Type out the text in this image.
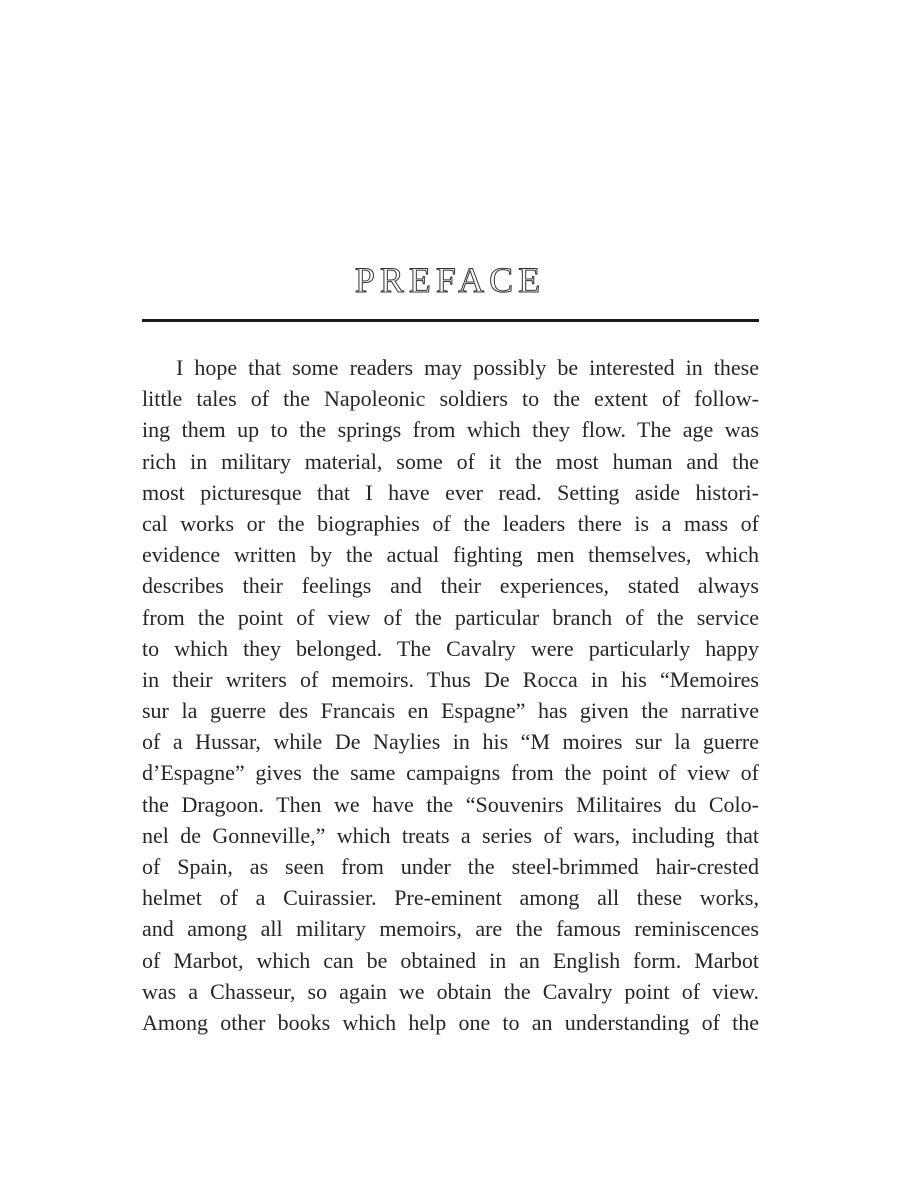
PREFACE
I hope that some readers may possibly be interested in these
little tales of the Napoleonic soldiers to the extent of follow-
ing them up to the springs from which they flow. The age was
rich in military material, some of it the most human and the
most picturesque that I have ever read. Setting aside histori-
cal works or the biographies of the leaders there is a mass of
evidence written by the actual fighting men themselves, which
describes their feelings and their experiences, stated always
from the point of view of the particular branch of the service
to which they belonged. The Cavalry were particularly happy
in their writers of memoirs. Thus De Rocca in his “Memoires
sur la guerre des Francais en Espagne” has given the narrative
of a Hussar, while De Naylies in his “M moires sur la guerre
d’Espagne” gives the same campaigns from the point of view of
the Dragoon. Then we have the “Souvenirs Militaires du Colo-
nel de Gonneville,” which treats a series of wars, including that
of Spain, as seen from under the steel-brimmed hair-crested
helmet of a Cuirassier. Pre-eminent among all these works,
and among all military memoirs, are the famous reminiscences
of Marbot, which can be obtained in an English form. Marbot
was a Chasseur, so again we obtain the Cavalry point of view.
Among other books which help one to an understanding of the
